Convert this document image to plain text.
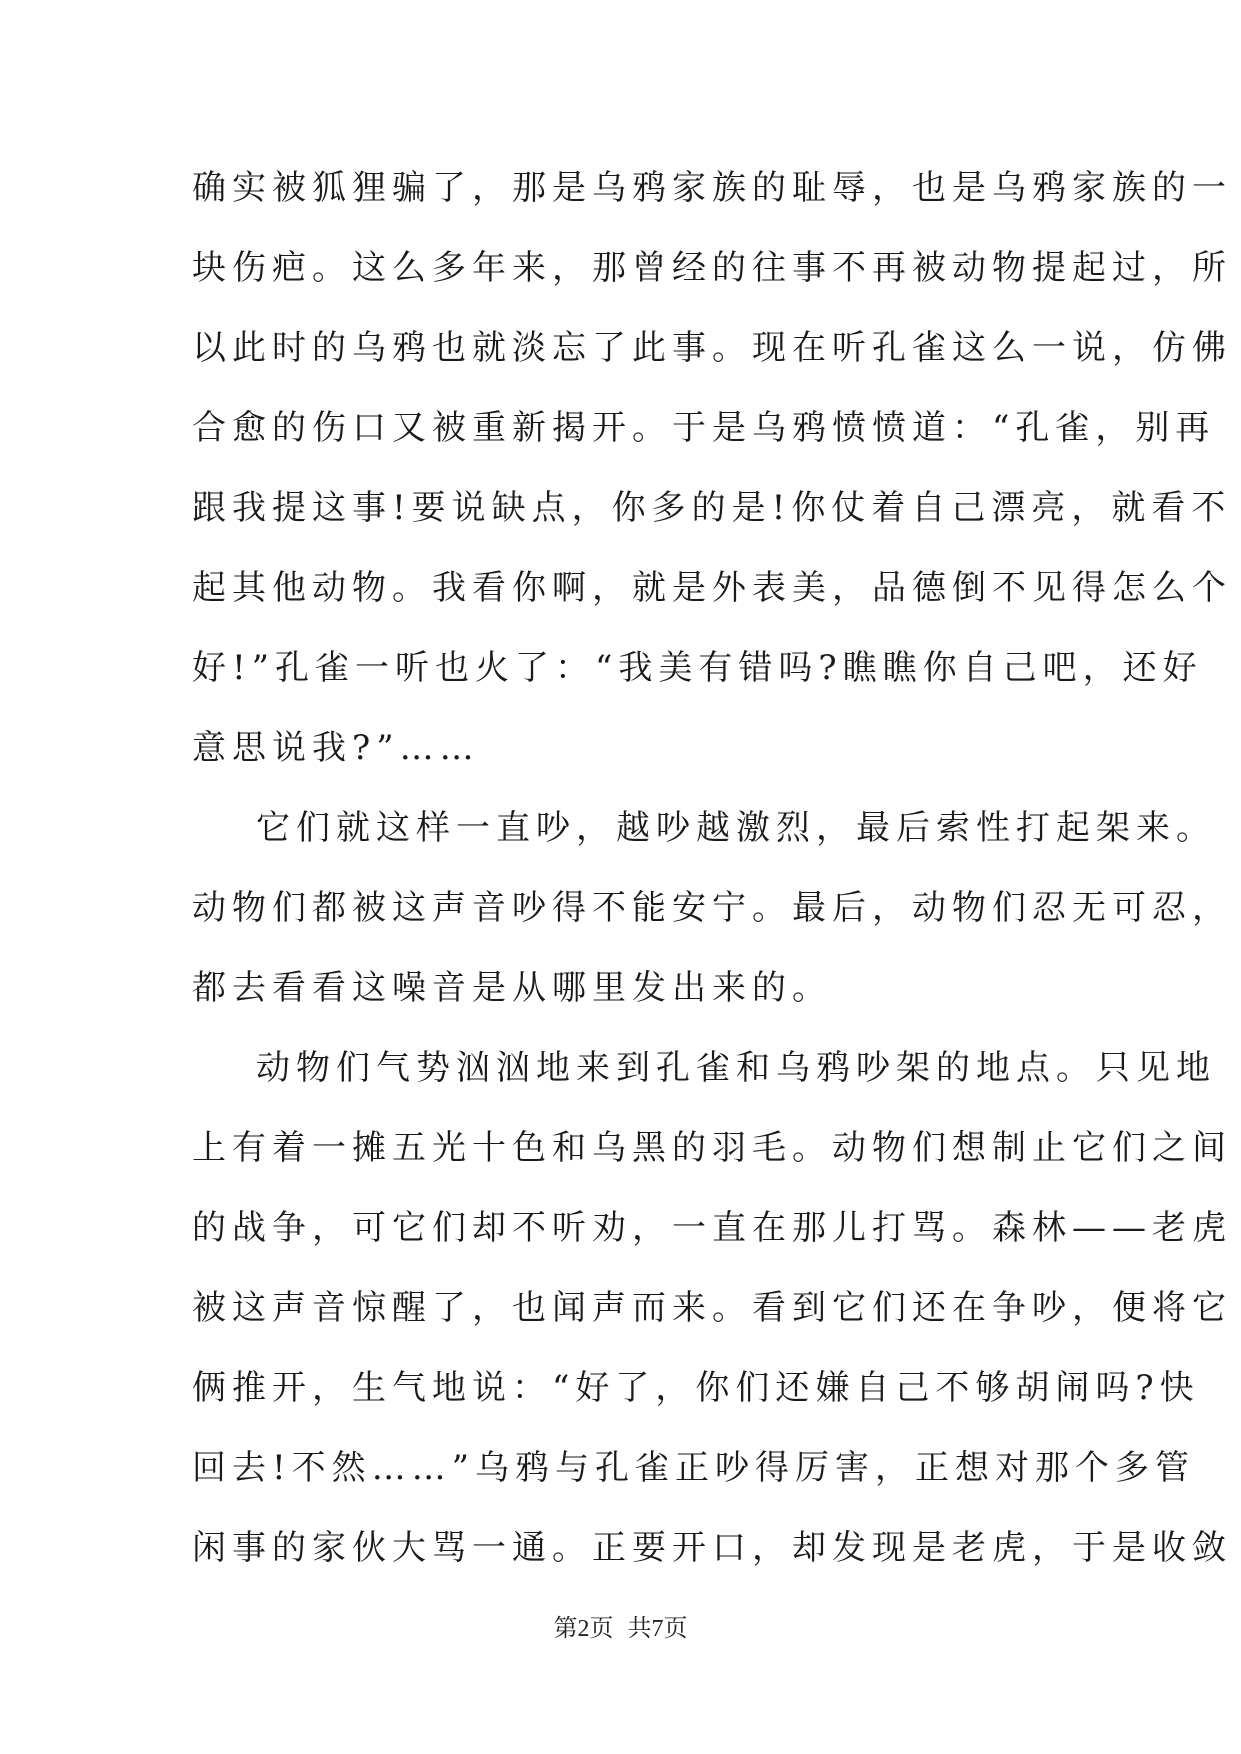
确实被狐狸骗了，那是乌鸦家族的耻辱，也是乌鸦家族的一
块伤疤。这么多年来，那曾经的往事不再被动物提起过，所
以此时的乌鸦也就淡忘了此事。现在听孔雀这么一说，仿佛
合愈的伤口又被重新揭开。于是乌鸦愤愤道：“孔雀，别再
跟我提这事!要说缺点，你多的是!你仗着自己漂亮，就看不
起其他动物。我看你啊，就是外表美，品德倒不见得怎么个
好!”孔雀一听也火了：“我美有错吗?瞧瞧你自己吧，还好
意思说我?”……
它们就这样一直吵，越吵越激烈，最后索性打起架来。
动物们都被这声音吵得不能安宁。最后，动物们忍无可忍，
都去看看这噪音是从哪里发出来的。
动物们气势汹汹地来到孔雀和乌鸦吵架的地点。只见地
上有着一摊五光十色和乌黑的羽毛。动物们想制止它们之间
的战争，可它们却不听劝，一直在那儿打骂。森林——老虎
被这声音惊醒了，也闻声而来。看到它们还在争吵，便将它
俩推开，生气地说：“好了，你们还嫌自己不够胡闹吗?快
回去!不然……”乌鸦与孔雀正吵得厉害，正想对那个多管
闲事的家伙大骂一通。正要开口，却发现是老虎，于是收敛
第2页 共7页
